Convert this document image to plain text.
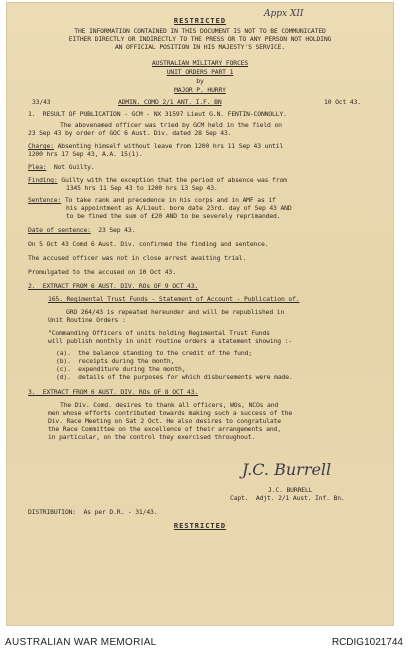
Appx XII
RESTRICTED
THE INFORMATION CONTAINED IN THIS DOCUMENT IS NOT TO BE COMMUNICATED
EITHER DIRECTLY OR INDIRECTLY TO THE PRESS OR TO ANY PERSON NOT HOLDING
AN OFFICIAL POSITION IN HIS MAJESTY'S SERVICE.
AUSTRALIAN MILITARY FORCES
UNIT ORDERS PART 1
by
MAJOR P. HURRY
33/43	ADMIN. COMD 2/1 ANT. I.F. BN	10 Oct 43.
1.  RESULT OF PUBLICATION - GCM - NX 31597 Lieut G.N. FENTIN-CONNOLLY.
The abovenamed officer was tried by GCM held in the field on
23 Sep 43 by order of GOC 6 Aust. Div. dated 28 Sep 43.
Charge: Absenting himself without leave from 1200 hrs 11 Sep 43 until
1200 hrs 17 Sep 43, A.A. 15(1).
Plea:  Not Guilty.
Finding: Guilty with the exception that the period of absence was from
1345 hrs 11 Sep 43 to 1200 hrs 13 Sep 43.
Sentence: To take rank and precedence in his corps and in AMF as if
his appointment as A/Lieut. bore date 23rd. day of Sep 43 AND
to be fined the sum of £20 AND to be severely reprimanded.
Date of sentence:  23 Sep 43.
On 5 Oct 43 Comd 6 Aust. Div. confirmed the finding and sentence.
The accused officer was not in close arrest awaiting trial.
Promulgated to the accused on 10 Oct 43.
2.  EXTRACT FROM 6 AUST. DIV. ROs OF 9 OCT 43.
165. Regimental Trust Funds - Statement of Account - Publication of.
GRO 264/43 is repeated hereunder and will be republished in
Unit Routine Orders :
"Commanding Officers of units holding Regimental Trust Funds
will publish monthly in unit routine orders a statement showing :-
(a).  the balance standing to the credit of the fund;
(b).  receipts during the month,
(c).  expenditure during the month,
(d).  details of the purposes for which disbursements were made.
3.  EXTRACT FROM 6 AUST. DIV. ROs OF 8 OCT 43.
The Div. Comd. desires to thank all officers, WOs, NCOs and
men whose efforts contributed towards making such a success of the
Div. Race Meeting on Sat 2 Oct. He also desires to congratulate
the Race Committee on the excellence of their arrangements and,
in particular, on the control they exercised throughout.
J.C. Burrell
J.C. BURRELL
Capt.  Adjt. 2/1 Aust. Inf. Bn.
DISTRIBUTION:  As per D.R. - 31/43.
RESTRICTED
AUSTRALIAN WAR MEMORIAL	RCDIG1021744
